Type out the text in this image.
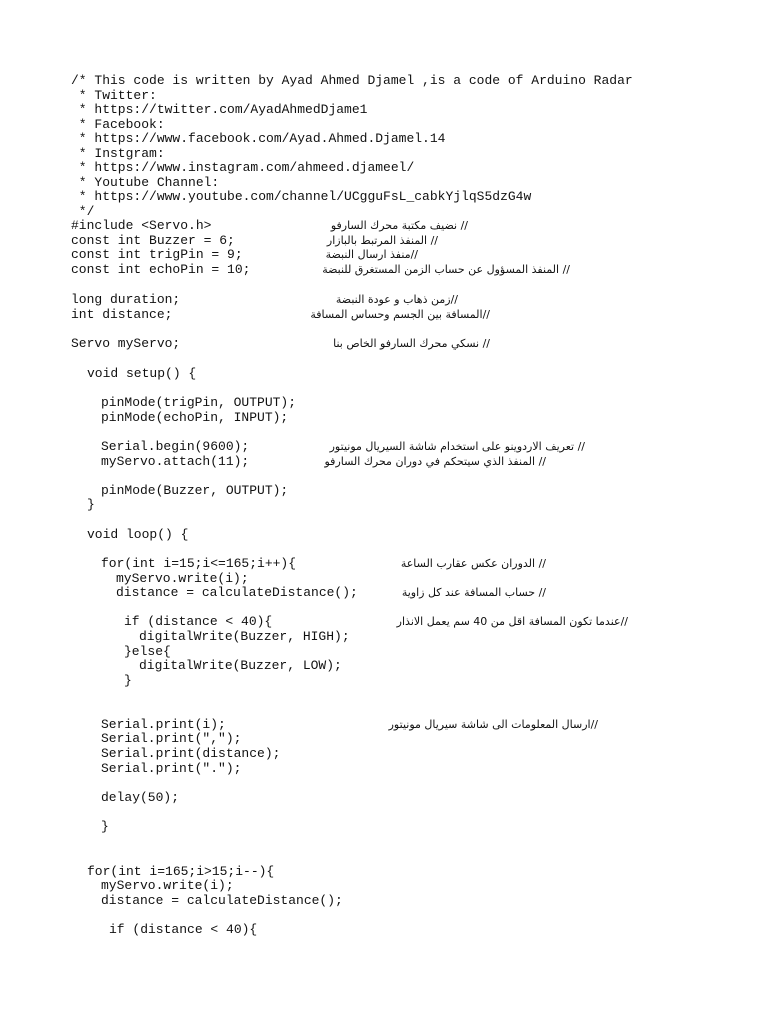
/* This code is written by Ayad Ahmed Djamel ,is a code of Arduino Radar
* Twitter:
* https://twitter.com/AyadAhmedDjame1
* Facebook:
* https://www.facebook.com/Ayad.Ahmed.Djamel.14
* Instgram:
* https://www.instagram.com/ahmeed.djameel/
* Youtube Channel:
* https://www.youtube.com/channel/UCgguFsL_cabkYjlqS5dzG4w
*/
#include <Servo.h>	// نضيف مكتبة محرك السارفو
const int Buzzer = 6;	// المنفذ المرتبط بالبازار
const int trigPin = 9;	//منفذ ارسال النبضة
const int echoPin = 10;	// المنفذ المسؤول عن حساب الزمن المستغرق للنبضة
long duration;	//زمن ذهاب و عودة النبضة
int distance;	//المسافة بين الجسم وحساس المسافة
Servo myServo;	// نسكي محرك السارفو الخاص بنا
void setup() {
pinMode(trigPin, OUTPUT);
pinMode(echoPin, INPUT);
Serial.begin(9600);	// تعريف الاردوينو على استخدام شاشة السيريال مونيتور
myServo.attach(11);	// المنفذ الذي سيتحكم في دوران محرك السارفو
pinMode(Buzzer, OUTPUT);
}
void loop() {
for(int i=15;i<=165;i++){	// الدوران عكس عقارب الساعة
myServo.write(i);
distance = calculateDistance();	// حساب المسافة عند كل زاوية
if (distance < 40){	//عندما تكون المسافة اقل من 40 سم يعمل الانذار
digitalWrite(Buzzer, HIGH);
}else{
digitalWrite(Buzzer, LOW);
}
Serial.print(i);	//ارسال المعلومات الى شاشة سيريال مونيتور
Serial.print(",");
Serial.print(distance);
Serial.print(".");
delay(50);
}
for(int i=165;i>15;i--){
myServo.write(i);
distance = calculateDistance();
if (distance < 40){
